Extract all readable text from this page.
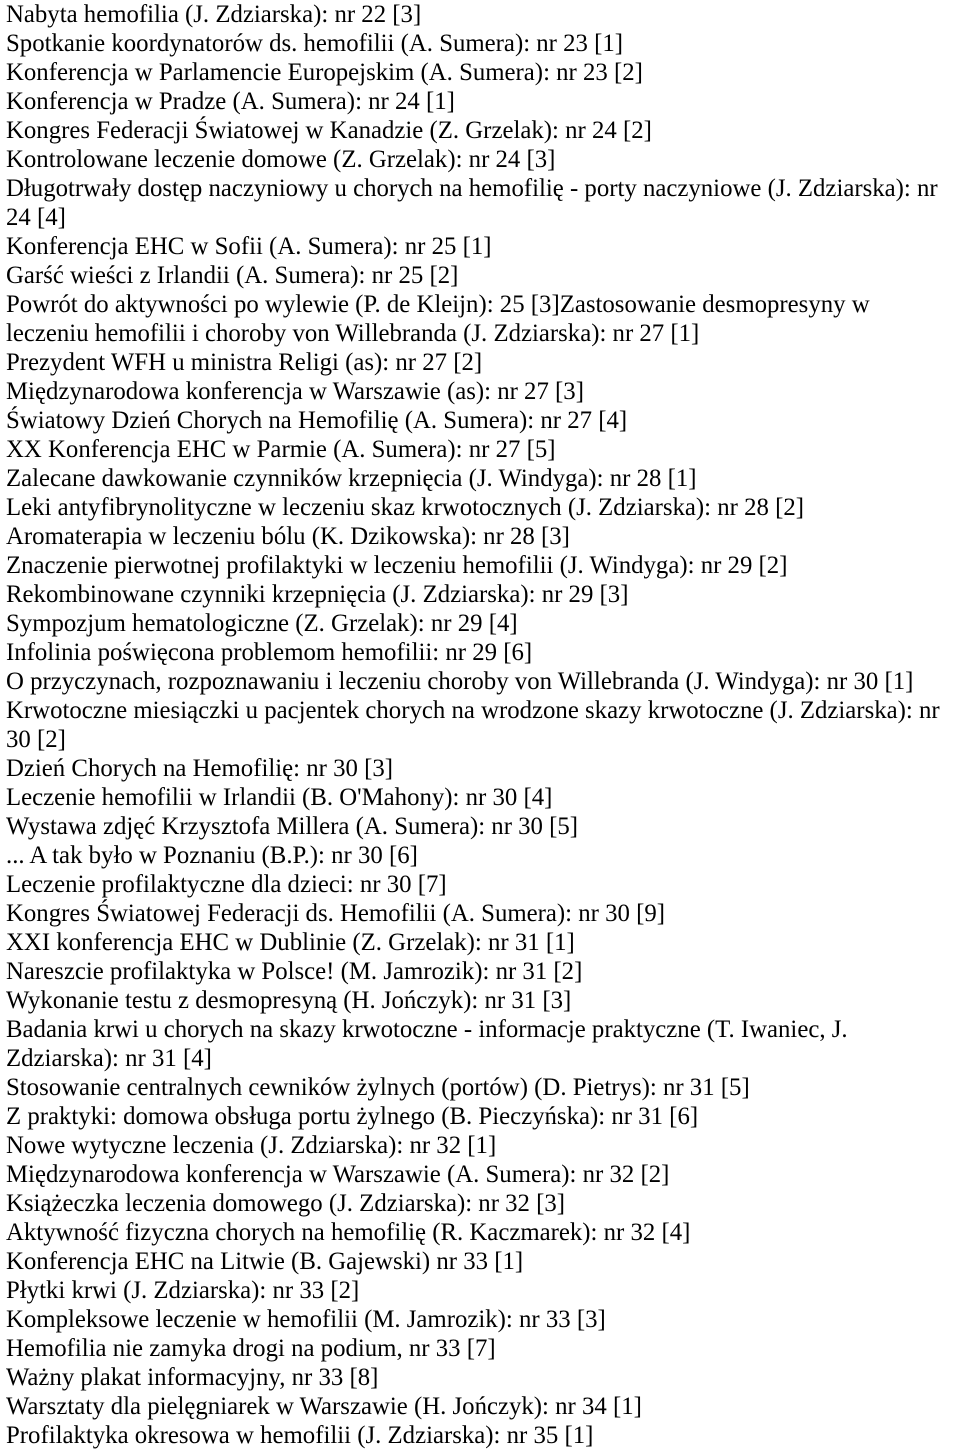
Nabyta hemofilia (J. Zdziarska): nr 22 [3]
Spotkanie koordynatorów ds. hemofilii (A. Sumera): nr 23 [1]
Konferencja w Parlamencie Europejskim (A. Sumera): nr 23 [2]
Konferencja w Pradze (A. Sumera): nr 24 [1]
Kongres Federacji Światowej w Kanadzie (Z. Grzelak): nr 24 [2]
Kontrolowane leczenie domowe (Z. Grzelak): nr 24 [3]
Długotrwały dostęp naczyniowy u chorych na hemofilię - porty naczyniowe (J. Zdziarska): nr
24 [4]
Konferencja EHC w Sofii (A. Sumera): nr 25 [1]
Garść wieści z Irlandii (A. Sumera): nr 25 [2]
Powrót do aktywności po wylewie (P. de Kleijn): 25 [3]Zastosowanie desmopresyny w
leczeniu hemofilii i choroby von Willebranda (J. Zdziarska): nr 27 [1]
Prezydent WFH u ministra Religi (as): nr 27 [2]
Międzynarodowa konferencja w Warszawie (as): nr 27 [3]
Światowy Dzień Chorych na Hemofilię (A. Sumera): nr 27 [4]
XX Konferencja EHC w Parmie (A. Sumera): nr 27 [5]
Zalecane dawkowanie czynników krzepnięcia (J. Windyga): nr 28 [1]
Leki antyfibrynolityczne w leczeniu skaz krwotocznych (J. Zdziarska): nr 28 [2]
Aromaterapia w leczeniu bólu (K. Dzikowska): nr 28 [3]
Znaczenie pierwotnej profilaktyki w leczeniu hemofilii (J. Windyga): nr 29 [2]
Rekombinowane czynniki krzepnięcia (J. Zdziarska): nr 29 [3]
Sympozjum hematologiczne (Z. Grzelak): nr 29 [4]
Infolinia poświęcona problemom hemofilii: nr 29 [6]
O przyczynach, rozpoznawaniu i leczeniu choroby von Willebranda (J. Windyga): nr 30 [1]
Krwotoczne miesiączki u pacjentek chorych na wrodzone skazy krwotoczne (J. Zdziarska): nr
30 [2]
Dzień Chorych na Hemofilię: nr 30 [3]
Leczenie hemofilii w Irlandii (B. O'Mahony): nr 30 [4]
Wystawa zdjęć Krzysztofa Millera (A. Sumera): nr 30 [5]
... A tak było w Poznaniu (B.P.): nr 30 [6]
Leczenie profilaktyczne dla dzieci: nr 30 [7]
Kongres Światowej Federacji ds. Hemofilii (A. Sumera): nr 30 [9]
XXI konferencja EHC w Dublinie (Z. Grzelak): nr 31 [1]
Nareszcie profilaktyka w Polsce! (M. Jamrozik): nr 31 [2]
Wykonanie testu z desmopresyną (H. Jończyk): nr 31 [3]
Badania krwi u chorych na skazy krwotoczne - informacje praktyczne (T. Iwaniec, J.
Zdziarska): nr 31 [4]
Stosowanie centralnych cewników żylnych (portów) (D. Pietrys): nr 31 [5]
Z praktyki: domowa obsługa portu żylnego (B. Pieczyńska): nr 31 [6]
Nowe wytyczne leczenia (J. Zdziarska): nr 32 [1]
Międzynarodowa konferencja w Warszawie (A. Sumera): nr 32 [2]
Książeczka leczenia domowego (J. Zdziarska): nr 32 [3]
Aktywność fizyczna chorych na hemofilię (R. Kaczmarek): nr 32 [4]
Konferencja EHC na Litwie (B. Gajewski) nr 33 [1]
Płytki krwi (J. Zdziarska): nr 33 [2]
Kompleksowe leczenie w hemofilii (M. Jamrozik): nr 33 [3]
Hemofilia nie zamyka drogi na podium, nr 33 [7]
Ważny plakat informacyjny, nr 33 [8]
Warsztaty dla pielęgniarek w Warszawie (H. Jończyk): nr 34 [1]
Profilaktyka okresowa w hemofilii (J. Zdziarska): nr 35 [1]
